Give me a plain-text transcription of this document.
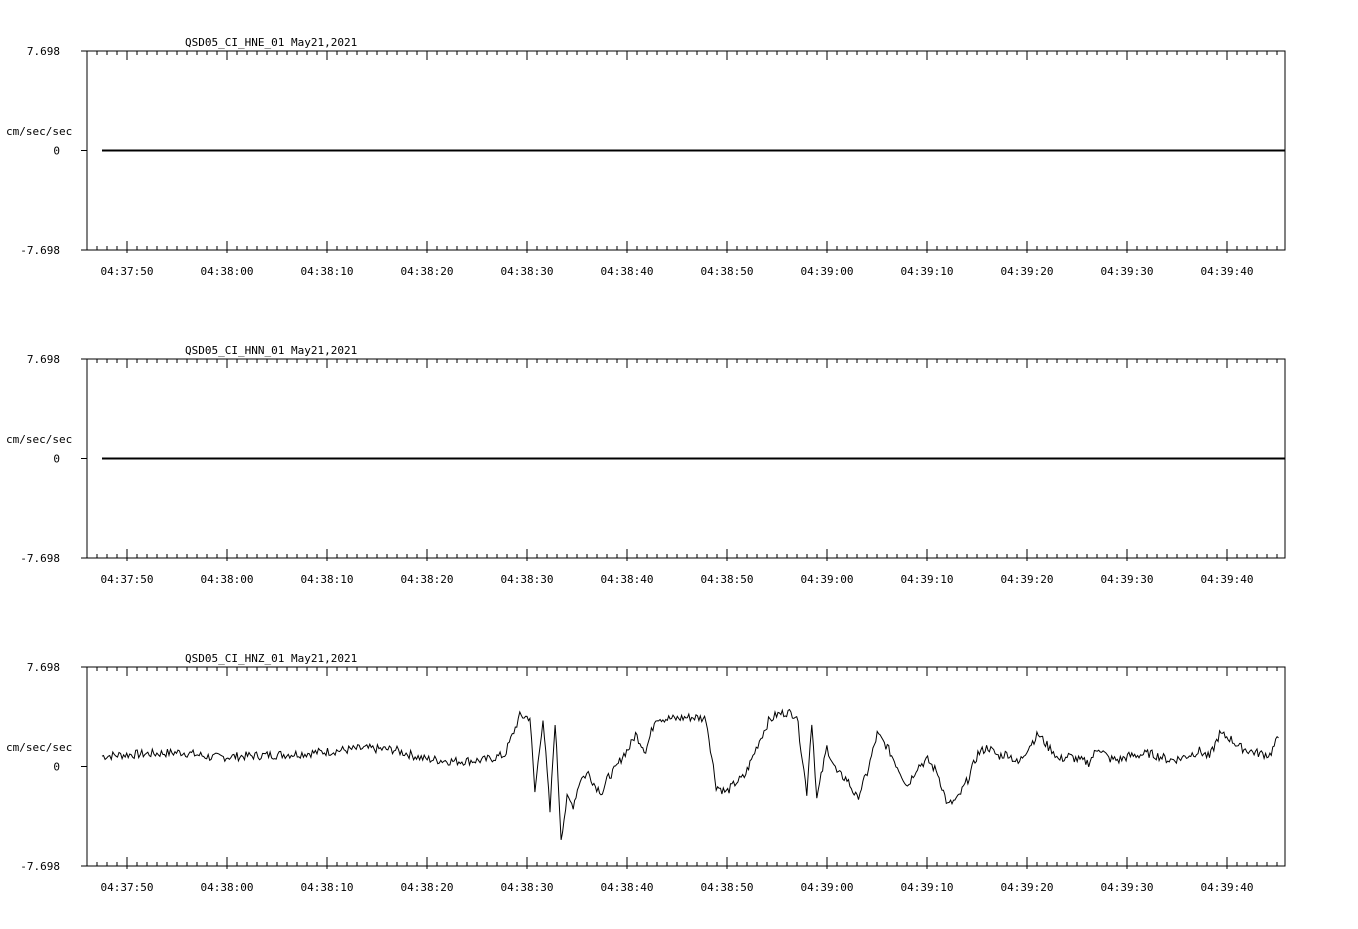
QSD05_CI_HNE_01 May21,2021
7.698
0
-7.698
cm/sec/sec
04:37:50	04:38:00	04:38:10	04:38:20	04:38:30	04:38:40	04:38:50	04:39:00	04:39:10	04:39:20	04:39:30	04:39:40
QSD05_CI_HNN_01 May21,2021
7.698
0
-7.698
cm/sec/sec
04:37:50	04:38:00	04:38:10	04:38:20	04:38:30	04:38:40	04:38:50	04:39:00	04:39:10	04:39:20	04:39:30	04:39:40
QSD05_CI_HNZ_01 May21,2021
7.698
0
-7.698
cm/sec/sec
04:37:50	04:38:00	04:38:10	04:38:20	04:38:30	04:38:40	04:38:50	04:39:00	04:39:10	04:39:20	04:39:30	04:39:40
